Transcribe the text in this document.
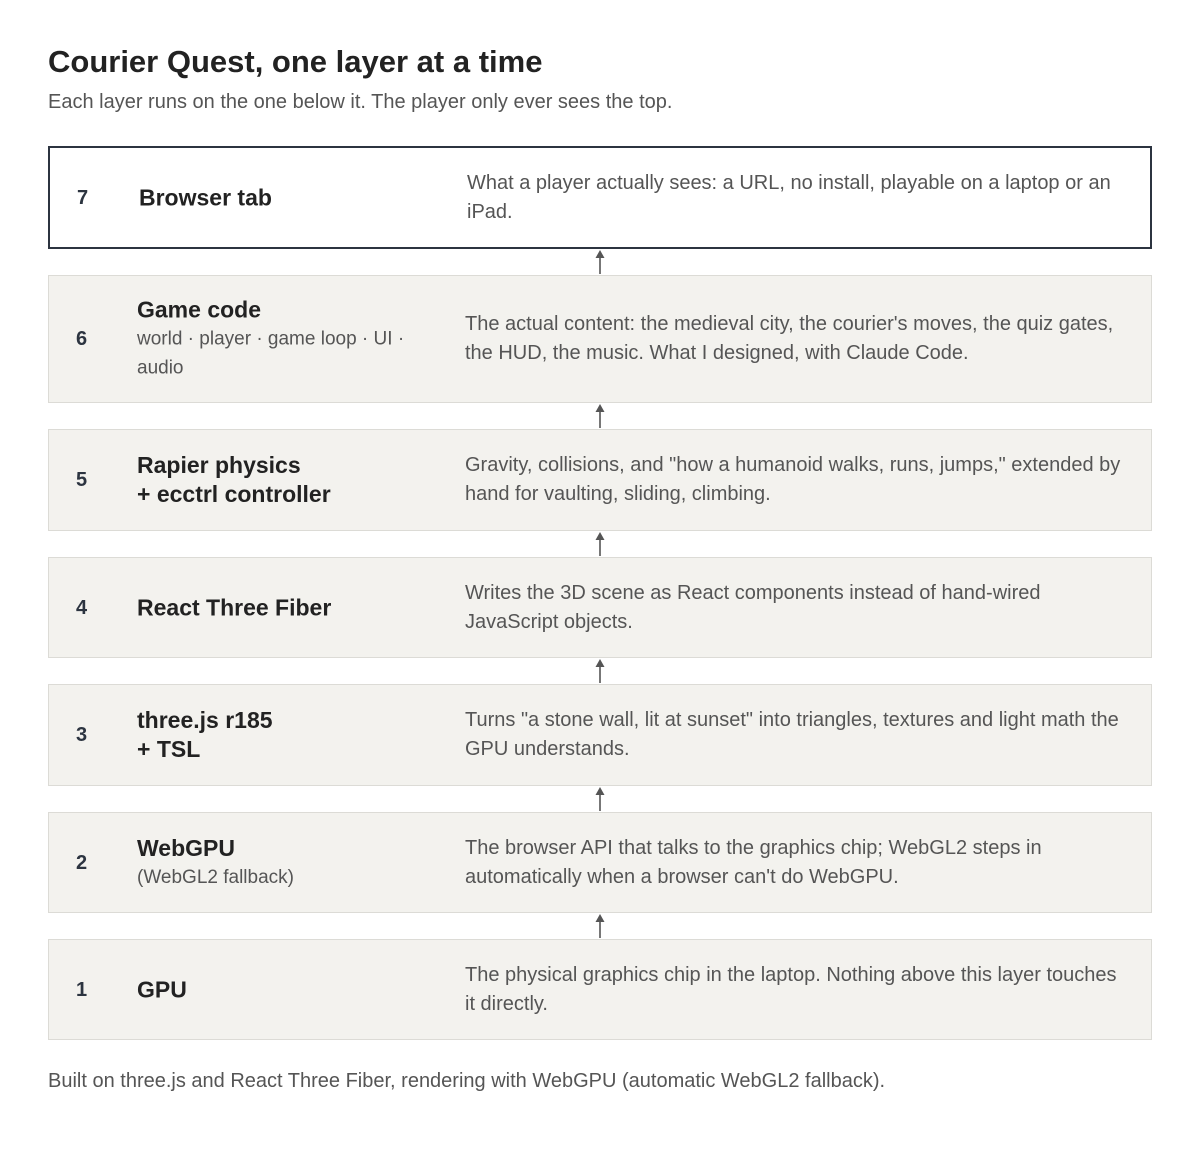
Courier Quest, one layer at a time

Each layer runs on the one below it. The player only ever sees the top.

7 Browser tab
What a player actually sees: a URL, no install, playable on a laptop or an iPad.
6
Game code
world · player · game loop · UI · audio
The actual content: the medieval city, the courier's moves, the quiz gates, the HUD, the music. What I designed, with Claude Code.
5
Rapier physics
+ ecctrl controller
Gravity, collisions, and "how a humanoid walks, runs, jumps," extended by hand for vaulting, sliding, climbing.
4 React Three Fiber
Writes the 3D scene as React components instead of hand-wired JavaScript objects.
3
three.js r185
+ TSL
Turns "a stone wall, lit at sunset" into triangles, textures and light math the GPU understands.
2
WebGPU
(WebGL2 fallback)
The browser API that talks to the graphics chip; WebGL2 steps in automatically when a browser can't do WebGPU.
1 GPU
The physical graphics chip in the laptop. Nothing above this layer touches it directly.

Built on three.js and React Three Fiber, rendering with WebGPU (automatic WebGL2 fallback).
